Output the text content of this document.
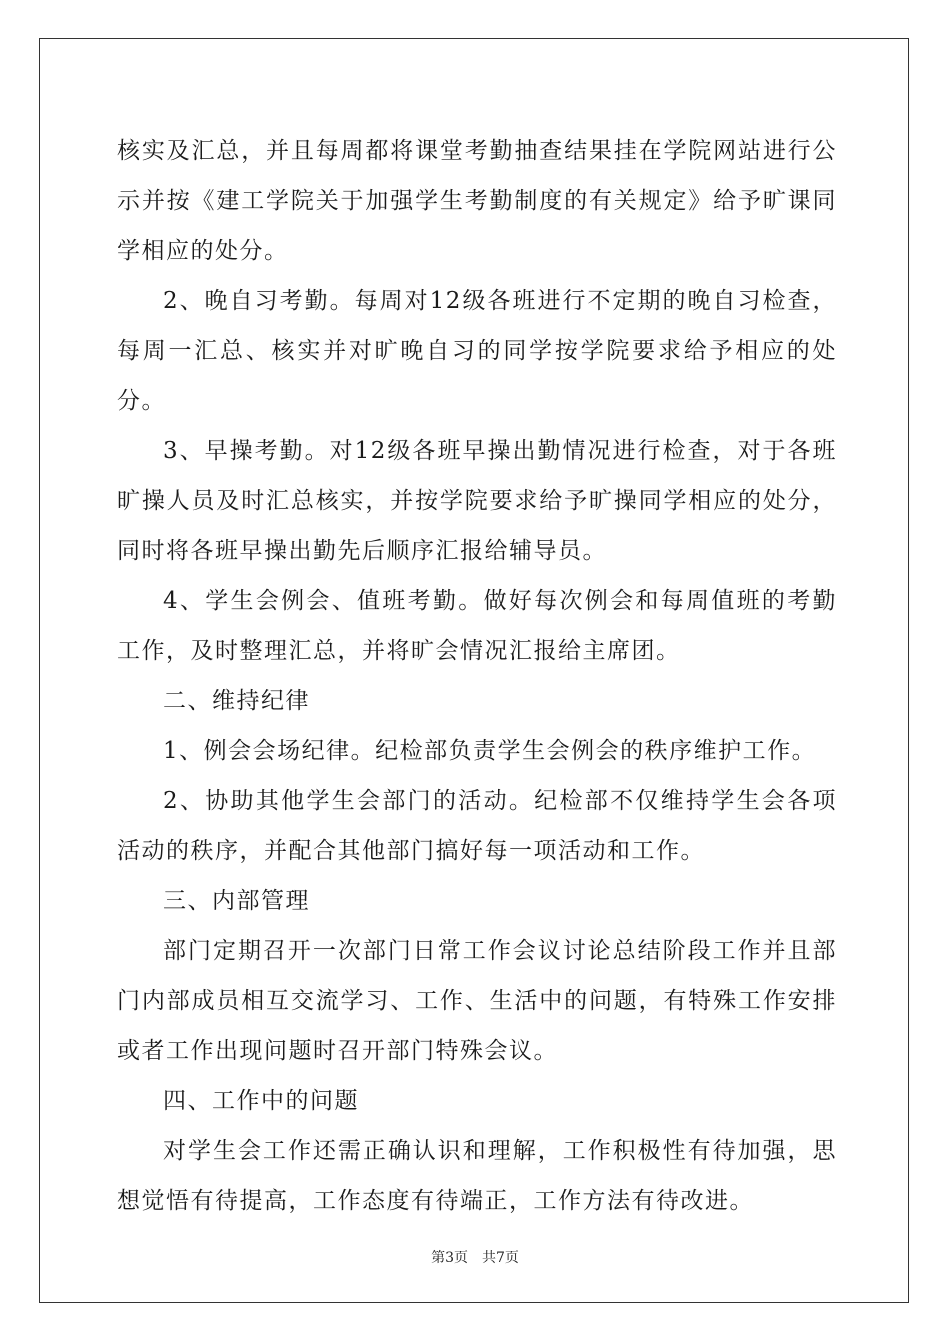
核实及汇总，并且每周都将课堂考勤抽查结果挂在学院网站进行公示并按《建工学院关于加强学生考勤制度的有关规定》给予旷课同学相应的处分。

2、晚自习考勤。每周对12级各班进行不定期的晚自习检查，每周一汇总、核实并对旷晚自习的同学按学院要求给予相应的处分。

3、早操考勤。对12级各班早操出勤情况进行检查，对于各班旷操人员及时汇总核实，并按学院要求给予旷操同学相应的处分，同时将各班早操出勤先后顺序汇报给辅导员。

4、学生会例会、值班考勤。做好每次例会和每周值班的考勤工作，及时整理汇总，并将旷会情况汇报给主席团。

二、维持纪律

1、例会会场纪律。纪检部负责学生会例会的秩序维护工作。

2、协助其他学生会部门的活动。纪检部不仅维持学生会各项活动的秩序，并配合其他部门搞好每一项活动和工作。

三、内部管理

部门定期召开一次部门日常工作会议讨论总结阶段工作并且部门内部成员相互交流学习、工作、生活中的问题，有特殊工作安排或者工作出现问题时召开部门特殊会议。

四、工作中的问题

对学生会工作还需正确认识和理解，工作积极性有待加强，思想觉悟有待提高，工作态度有待端正，工作方法有待改进。

第3页 共7页
